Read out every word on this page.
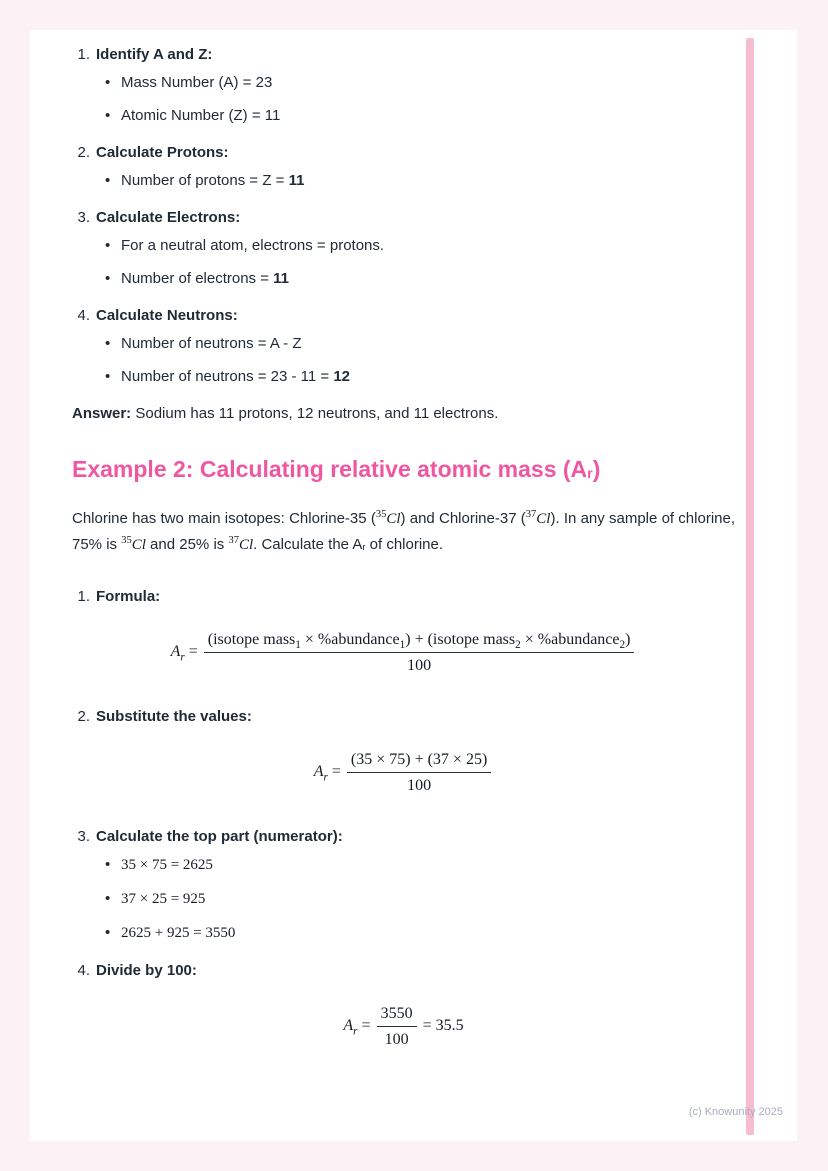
1. Identify A and Z:
• Mass Number (A) = 23
• Atomic Number (Z) = 11
2. Calculate Protons:
• Number of protons = Z = 11
3. Calculate Electrons:
• For a neutral atom, electrons = protons.
• Number of electrons = 11
4. Calculate Neutrons:
• Number of neutrons = A - Z
• Number of neutrons = 23 - 11 = 12

Answer: Sodium has 11 protons, 12 neutrons, and 11 electrons.

Example 2: Calculating relative atomic mass (Ar)

Chlorine has two main isotopes: Chlorine-35 ($^{35}$Cl) and Chlorine-37 ($^{37}$Cl). In any sample of chlorine, 75% is $^{35}$Cl and 25% is $^{37}$Cl. Calculate the Ar of chlorine.

1. Formula:
$A_r$ =
(isotope mass$_1$ × %abundance$_1$) + (isotope mass$_2$ × %abundance$_2$)
100
2. Substitute the values:
$A_r = \frac{(35 \times 75) + (37 \times 25)}{100}$
3. Calculate the top part (numerator):
• 35 × 75 = 2625
• 37 × 25 = 925
• 2625 + 925 = 3550
4. Divide by 100:
$A_r = \frac{3550}{100} = 35.5$
(c) Knowunity 2025
